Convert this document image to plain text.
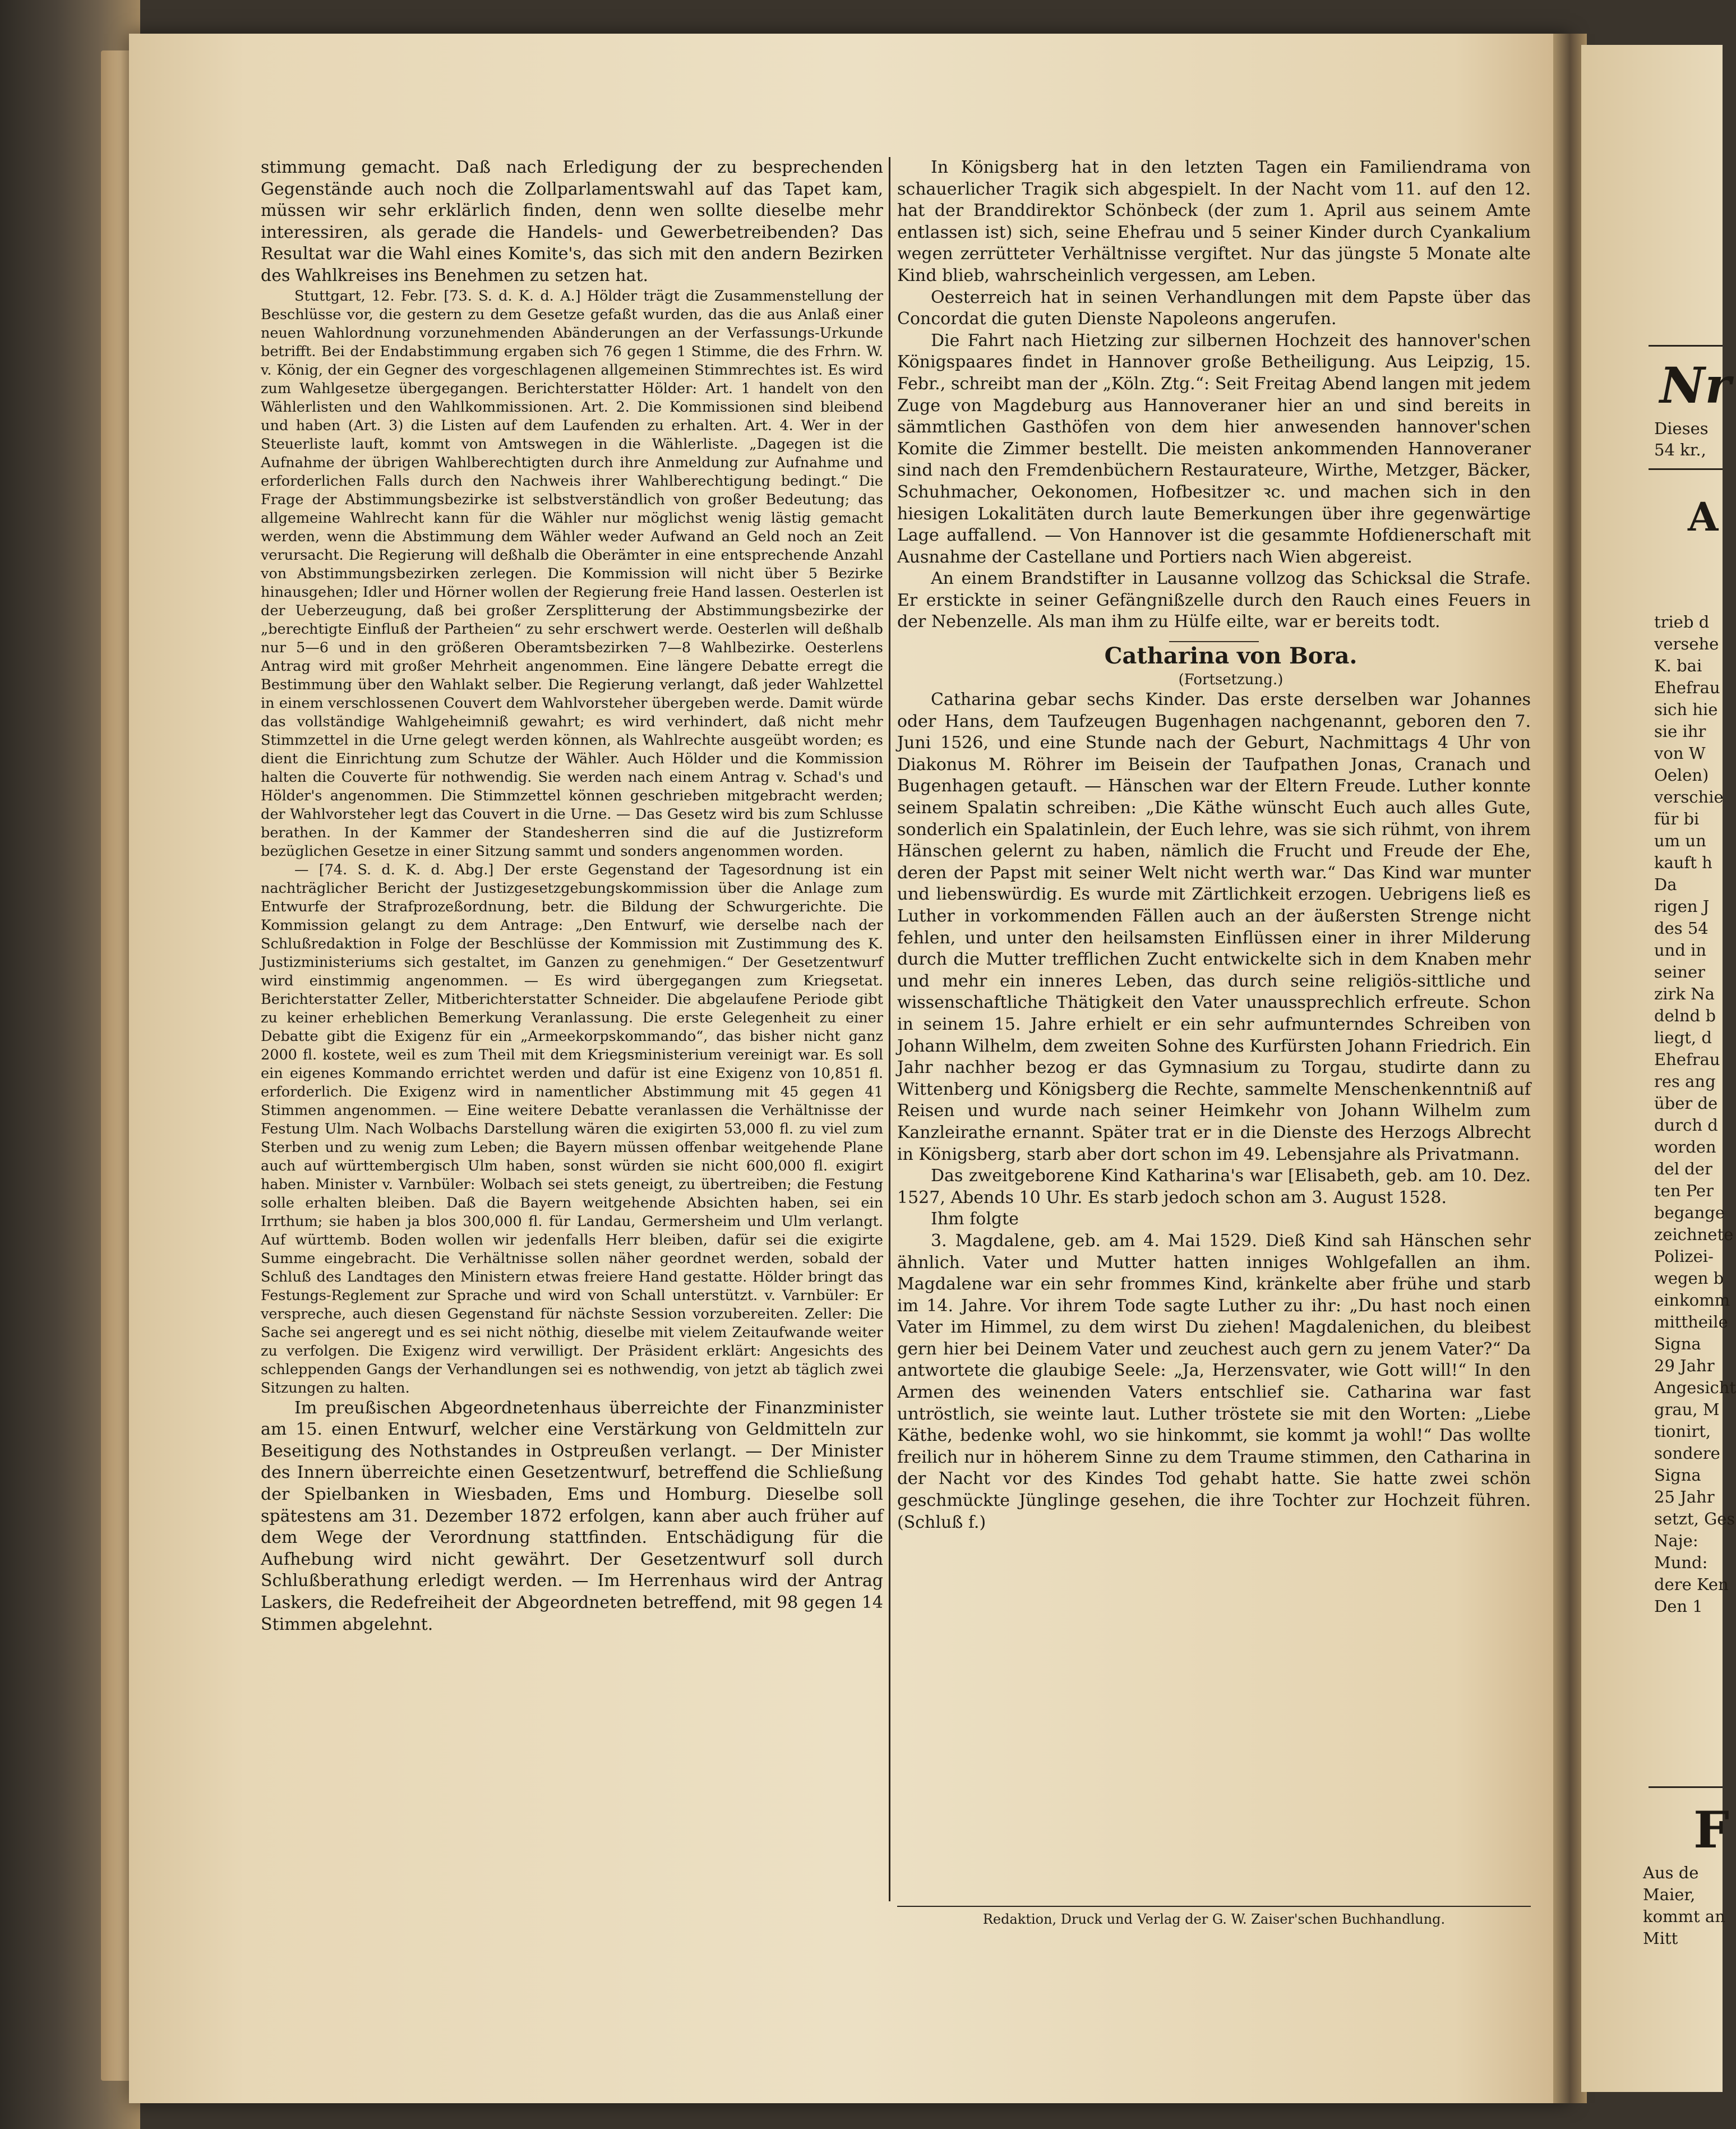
stimmung gemacht. Daß nach Erledigung der zu besprechenden Gegenstände auch noch die Zollparlamentswahl auf das Tapet kam, müssen wir sehr erklärlich finden, denn wen sollte dieselbe mehr interessiren, als gerade die Handels- und Gewerbetreibenden? Das Resultat war die Wahl eines Komite's, das sich mit den andern Bezirken des Wahlkreises ins Benehmen zu setzen hat.

Stuttgart, 12. Febr. [73. S. d. K. d. A.] Hölder trägt die Zusammenstellung der Beschlüsse vor, die gestern zu dem Gesetze gefaßt wurden, das die aus Anlaß einer neuen Wahlordnung vorzunehmenden Abänderungen an der Verfassungs-Urkunde betrifft. Bei der Endabstimmung ergaben sich 76 gegen 1 Stimme, die des Frhrn. W. v. König, der ein Gegner des vorgeschlagenen allgemeinen Stimmrechtes ist. Es wird zum Wahlgesetze übergegangen. Berichterstatter Hölder: Art. 1 handelt von den Wählerlisten und den Wahlkommissionen. Art. 2. Die Kommissionen sind bleibend und haben (Art. 3) die Listen auf dem Laufenden zu erhalten. Art. 4. Wer in der Steuerliste lauft, kommt von Amtswegen in die Wählerliste. „Dagegen ist die Aufnahme der übrigen Wahlberechtigten durch ihre Anmeldung zur Aufnahme und erforderlichen Falls durch den Nachweis ihrer Wahlberechtigung bedingt.“ Die Frage der Abstimmungsbezirke ist selbstverständlich von großer Bedeutung; das allgemeine Wahlrecht kann für die Wähler nur möglichst wenig lästig gemacht werden, wenn die Abstimmung dem Wähler weder Aufwand an Geld noch an Zeit verursacht. Die Regierung will deßhalb die Oberämter in eine entsprechende Anzahl von Abstimmungsbezirken zerlegen. Die Kommission will nicht über 5 Bezirke hinausgehen; Idler und Hörner wollen der Regierung freie Hand lassen. Oesterlen ist der Ueberzeugung, daß bei großer Zersplitterung der Abstimmungsbezirke der „berechtigte Einfluß der Partheien“ zu sehr erschwert werde. Oesterlen will deßhalb nur 5—6 und in den größeren Oberamtsbezirken 7—8 Wahlbezirke. Oesterlens Antrag wird mit großer Mehrheit angenommen. Eine längere Debatte erregt die Bestimmung über den Wahlakt selber. Die Regierung verlangt, daß jeder Wahlzettel in einem verschlossenen Couvert dem Wahlvorsteher übergeben werde. Damit würde das vollständige Wahlgeheimniß gewahrt; es wird verhindert, daß nicht mehr Stimmzettel in die Urne gelegt werden können, als Wahlrechte ausgeübt worden; es dient die Einrichtung zum Schutze der Wähler. Auch Hölder und die Kommission halten die Couverte für nothwendig. Sie werden nach einem Antrag v. Schad's und Hölder's angenommen. Die Stimmzettel können geschrieben mitgebracht werden; der Wahlvorsteher legt das Couvert in die Urne. — Das Gesetz wird bis zum Schlusse berathen. In der Kammer der Standesherren sind die auf die Justizreform bezüglichen Gesetze in einer Sitzung sammt und sonders angenommen worden.

— [74. S. d. K. d. Abg.] Der erste Gegenstand der Tagesordnung ist ein nachträglicher Bericht der Justizgesetzgebungskommission über die Anlage zum Entwurfe der Strafprozeßordnung, betr. die Bildung der Schwurgerichte. Die Kommission gelangt zu dem Antrage: „Den Entwurf, wie derselbe nach der Schlußredaktion in Folge der Beschlüsse der Kommission mit Zustimmung des K. Justizministeriums sich gestaltet, im Ganzen zu genehmigen.“ Der Gesetzentwurf wird einstimmig angenommen. — Es wird übergegangen zum Kriegsetat. Berichterstatter Zeller, Mitberichterstatter Schneider. Die abgelaufene Periode gibt zu keiner erheblichen Bemerkung Veranlassung. Die erste Gelegenheit zu einer Debatte gibt die Exigenz für ein „Armeekorpskommando“, das bisher nicht ganz 2000 fl. kostete, weil es zum Theil mit dem Kriegsministerium vereinigt war. Es soll ein eigenes Kommando errichtet werden und dafür ist eine Exigenz von 10,851 fl. erforderlich. Die Exigenz wird in namentlicher Abstimmung mit 45 gegen 41 Stimmen angenommen. — Eine weitere Debatte veranlassen die Verhältnisse der Festung Ulm. Nach Wolbachs Darstellung wären die exigirten 53,000 fl. zu viel zum Sterben und zu wenig zum Leben; die Bayern müssen offenbar weitgehende Plane auch auf württembergisch Ulm haben, sonst würden sie nicht 600,000 fl. exigirt haben. Minister v. Varnbüler: Wolbach sei stets geneigt, zu übertreiben; die Festung solle erhalten bleiben. Daß die Bayern weitgehende Absichten haben, sei ein Irrthum; sie haben ja blos 300,000 fl. für Landau, Germersheim und Ulm verlangt. Auf württemb. Boden wollen wir jedenfalls Herr bleiben, dafür sei die exigirte Summe eingebracht. Die Verhältnisse sollen näher geordnet werden, sobald der Schluß des Landtages den Ministern etwas freiere Hand gestatte. Hölder bringt das Festungs-Reglement zur Sprache und wird von Schall unterstützt. v. Varnbüler: Er verspreche, auch diesen Gegenstand für nächste Session vorzubereiten. Zeller: Die Sache sei angeregt und es sei nicht nöthig, dieselbe mit vielem Zeitaufwande weiter zu verfolgen. Die Exigenz wird verwilligt. Der Präsident erklärt: Angesichts des schleppenden Gangs der Verhandlungen sei es nothwendig, von jetzt ab täglich zwei Sitzungen zu halten.

Im preußischen Abgeordnetenhaus überreichte der Finanzminister am 15. einen Entwurf, welcher eine Verstärkung von Geldmitteln zur Beseitigung des Nothstandes in Ostpreußen verlangt. — Der Minister des Innern überreichte einen Gesetzentwurf, betreffend die Schließung der Spielbanken in Wiesbaden, Ems und Homburg. Dieselbe soll spätestens am 31. Dezember 1872 erfolgen, kann aber auch früher auf dem Wege der Verordnung stattfinden. Entschädigung für die Aufhebung wird nicht gewährt. Der Gesetzentwurf soll durch Schlußberathung erledigt werden. — Im Herrenhaus wird der Antrag Laskers, die Redefreiheit der Abgeordneten betreffend, mit 98 gegen 14 Stimmen abgelehnt.

In Königsberg hat in den letzten Tagen ein Familiendrama von schauerlicher Tragik sich abgespielt. In der Nacht vom 11. auf den 12. hat der Branddirektor Schönbeck (der zum 1. April aus seinem Amte entlassen ist) sich, seine Ehefrau und 5 seiner Kinder durch Cyankalium wegen zerrütteter Verhältnisse vergiftet. Nur das jüngste 5 Monate alte Kind blieb, wahrscheinlich vergessen, am Leben.

Oesterreich hat in seinen Verhandlungen mit dem Papste über das Concordat die guten Dienste Napoleons angerufen.

Die Fahrt nach Hietzing zur silbernen Hochzeit des hannover'schen Königspaares findet in Hannover große Betheiligung. Aus Leipzig, 15. Febr., schreibt man der „Köln. Ztg.“: Seit Freitag Abend langen mit jedem Zuge von Magdeburg aus Hannoveraner hier an und sind bereits in sämmtlichen Gasthöfen von dem hier anwesenden hannover'schen Komite die Zimmer bestellt. Die meisten ankommenden Hannoveraner sind nach den Fremdenbüchern Restaurateure, Wirthe, Metzger, Bäcker, Schuhmacher, Oekonomen, Hofbesitzer ꝛc. und machen sich in den hiesigen Lokalitäten durch laute Bemerkungen über ihre gegenwärtige Lage auffallend. — Von Hannover ist die gesammte Hofdienerschaft mit Ausnahme der Castellane und Portiers nach Wien abgereist.

An einem Brandstifter in Lausanne vollzog das Schicksal die Strafe. Er erstickte in seiner Gefängnißzelle durch den Rauch eines Feuers in der Nebenzelle. Als man ihm zu Hülfe eilte, war er bereits todt.

Catharina von Bora.

(Fortsetzung.)

Catharina gebar sechs Kinder. Das erste derselben war Johannes oder Hans, dem Taufzeugen Bugenhagen nachgenannt, geboren den 7. Juni 1526, und eine Stunde nach der Geburt, Nachmittags 4 Uhr von Diakonus M. Röhrer im Beisein der Taufpathen Jonas, Cranach und Bugenhagen getauft. — Hänschen war der Eltern Freude. Luther konnte seinem Spalatin schreiben: „Die Käthe wünscht Euch auch alles Gute, sonderlich ein Spalatinlein, der Euch lehre, was sie sich rühmt, von ihrem Hänschen gelernt zu haben, nämlich die Frucht und Freude der Ehe, deren der Papst mit seiner Welt nicht werth war.“ Das Kind war munter und liebenswürdig. Es wurde mit Zärtlichkeit erzogen. Uebrigens ließ es Luther in vorkommenden Fällen auch an der äußersten Strenge nicht fehlen, und unter den heilsamsten Einflüssen einer in ihrer Milderung durch die Mutter trefflichen Zucht entwickelte sich in dem Knaben mehr und mehr ein inneres Leben, das durch seine religiös-sittliche und wissenschaftliche Thätigkeit den Vater unaussprechlich erfreute. Schon in seinem 15. Jahre erhielt er ein sehr aufmunterndes Schreiben von Johann Wilhelm, dem zweiten Sohne des Kurfürsten Johann Friedrich. Ein Jahr nachher bezog er das Gymnasium zu Torgau, studirte dann zu Wittenberg und Königsberg die Rechte, sammelte Menschenkenntniß auf Reisen und wurde nach seiner Heimkehr von Johann Wilhelm zum Kanzleirathe ernannt. Später trat er in die Dienste des Herzogs Albrecht in Königsberg, starb aber dort schon im 49. Lebensjahre als Privatmann.

Das zweitgeborene Kind Katharina's war [Elisabeth, geb. am 10. Dez. 1527, Abends 10 Uhr. Es starb jedoch schon am 3. August 1528.

Ihm folgte

3. Magdalene, geb. am 4. Mai 1529. Dieß Kind sah Hänschen sehr ähnlich. Vater und Mutter hatten inniges Wohlgefallen an ihm. Magdalene war ein sehr frommes Kind, kränkelte aber frühe und starb im 14. Jahre. Vor ihrem Tode sagte Luther zu ihr: „Du hast noch einen Vater im Himmel, zu dem wirst Du ziehen! Magdalenichen, du bleibest gern hier bei Deinem Vater und zeuchest auch gern zu jenem Vater?“ Da antwortete die glaubige Seele: „Ja, Herzensvater, wie Gott will!“ In den Armen des weinenden Vaters entschlief sie. Catharina war fast untröstlich, sie weinte laut. Luther tröstete sie mit den Worten: „Liebe Käthe, bedenke wohl, wo sie hinkommt, sie kommt ja wohl!“ Das wollte freilich nur in höherem Sinne zu dem Traume stimmen, den Catharina in der Nacht vor des Kindes Tod gehabt hatte. Sie hatte zwei schön geschmückte Jünglinge gesehen, die ihre Tochter zur Hochzeit führen. (Schluß f.)

Redaktion, Druck und Verlag der G. W. Zaiser'schen Buchhandlung.
Nr
Dieses
54 kr.,
A
trieb d
versehe
K. bai
Ehefrau
sich hie
sie ihr
von W
Oelen)
verschie
für bi
um un
kauft h
Da
rigen J
des 54
und in
seiner
zirk Na
delnd b
liegt, d
Ehefrau
res ang
über de
durch d
worden
del der
ten Per
begange
zeichnete
Polizei-
wegen b
einkomm
mittheile
Signa
29 Jahr
Angesicht
grau, M
tionirt,
sondere
Signa
25 Jahr
setzt, Ges
Naje:
Mund:
dere Ken
Den 1
F
Aus de
Maier,
kommt an
Mitt
